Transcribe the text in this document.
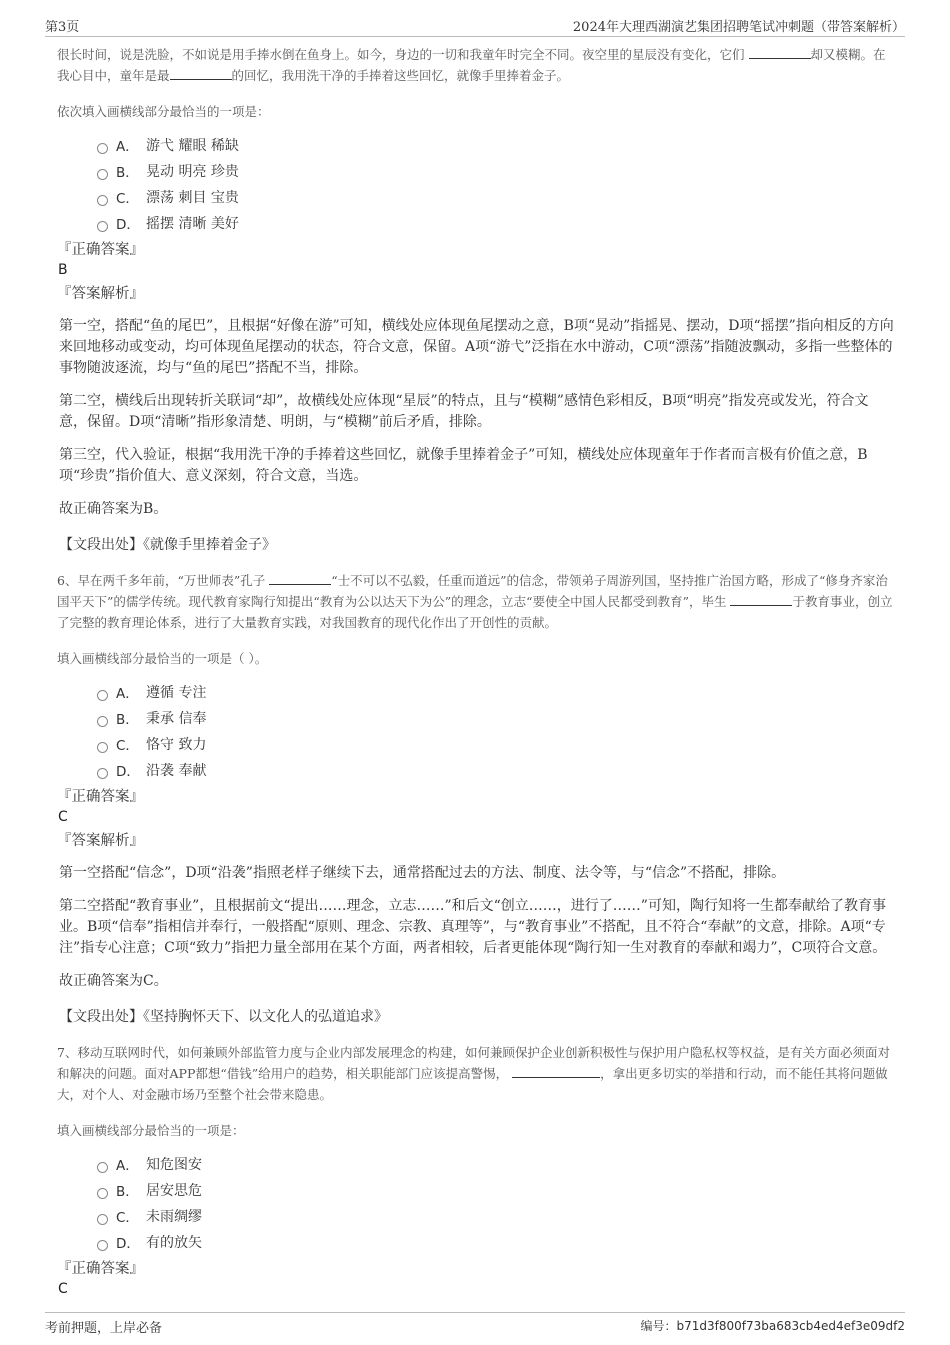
第3页	2024年大理西湖演艺集团招聘笔试冲刺题（带答案解析）

很长时间，说是洗脸，不如说是用手捧水倒在鱼身上。如今，身边的一切和我童年时完全不同。夜空里的星辰没有变化，它们	却又模糊。在我心目中，童年是最	的回忆，我用洗干净的手捧着这些回忆，就像手里捧着金子。

依次填入画横线部分最恰当的一项是：
A． 游弋 耀眼 稀缺
B． 晃动 明亮 珍贵
C． 漂荡 刺目 宝贵
D． 摇摆 清晰 美好
『正确答案』
B
『答案解析』

第一空，搭配“鱼的尾巴”，且根据“好像在游”可知，横线处应体现鱼尾摆动之意，B项“晃动”指摇晃、摆动，D项“摇摆”指向相反的方向来回地移动或变动，均可体现鱼尾摆动的状态，符合文意，保留。A项“游弋”泛指在水中游动，C项“漂荡”指随波飘动，多指一些整体的事物随波逐流，均与“鱼的尾巴”搭配不当，排除。

第二空，横线后出现转折关联词“却”，故横线处应体现“星辰”的特点，且与“模糊”感情色彩相反，B项“明亮”指发亮或发光，符合文意，保留。D项“清晰”指形象清楚、明朗，与“模糊”前后矛盾，排除。

第三空，代入验证，根据“我用洗干净的手捧着这些回忆，就像手里捧着金子”可知，横线处应体现童年于作者而言极有价值之意，B项“珍贵”指价值大、意义深刻，符合文意，当选。

故正确答案为B。

【文段出处】《就像手里捧着金子》

6、早在两千多年前，“万世师表”孔子	“士不可以不弘毅，任重而道远”的信念，带领弟子周游列国，坚持推广治国方略，形成了“修身齐家治国平天下”的儒学传统。现代教育家陶行知提出“教育为公以达天下为公”的理念，立志“要使全中国人民都受到教育”，毕生	于教育事业，创立了完整的教育理论体系，进行了大量教育实践，对我国教育的现代化作出了开创性的贡献。

填入画横线部分最恰当的一项是（ ）。
A． 遵循 专注
B． 秉承 信奉
C． 恪守 致力
D． 沿袭 奉献
『正确答案』
C
『答案解析』

第一空搭配“信念”，D项“沿袭”指照老样子继续下去，通常搭配过去的方法、制度、法令等，与“信念”不搭配，排除。

第二空搭配“教育事业”，且根据前文“提出……理念，立志……”和后文“创立……，进行了……”可知，陶行知将一生都奉献给了教育事业。B项“信奉”指相信并奉行，一般搭配“原则、理念、宗教、真理等”，与“教育事业”不搭配，且不符合“奉献”的文意，排除。A项“专注”指专心注意；C项“致力”指把力量全部用在某个方面，两者相较，后者更能体现“陶行知一生对教育的奉献和竭力”，C项符合文意。

故正确答案为C。

【文段出处】《坚持胸怀天下、以文化人的弘道追求》

7、移动互联网时代，如何兼顾外部监管力度与企业内部发展理念的构建，如何兼顾保护企业创新积极性与保护用户隐私权等权益，是有关方面必须面对和解决的问题。面对APP都想“借钱”给用户的趋势，相关职能部门应该提高警惕，	，拿出更多切实的举措和行动，而不能任其将问题做大，对个人、对金融市场乃至整个社会带来隐患。

填入画横线部分最恰当的一项是：
A． 知危图安
B． 居安思危
C． 未雨绸缪
D． 有的放矢
『正确答案』
C
考前押题，上岸必备	编号：b71d3f800f73ba683cb4ed4ef3e09df2
